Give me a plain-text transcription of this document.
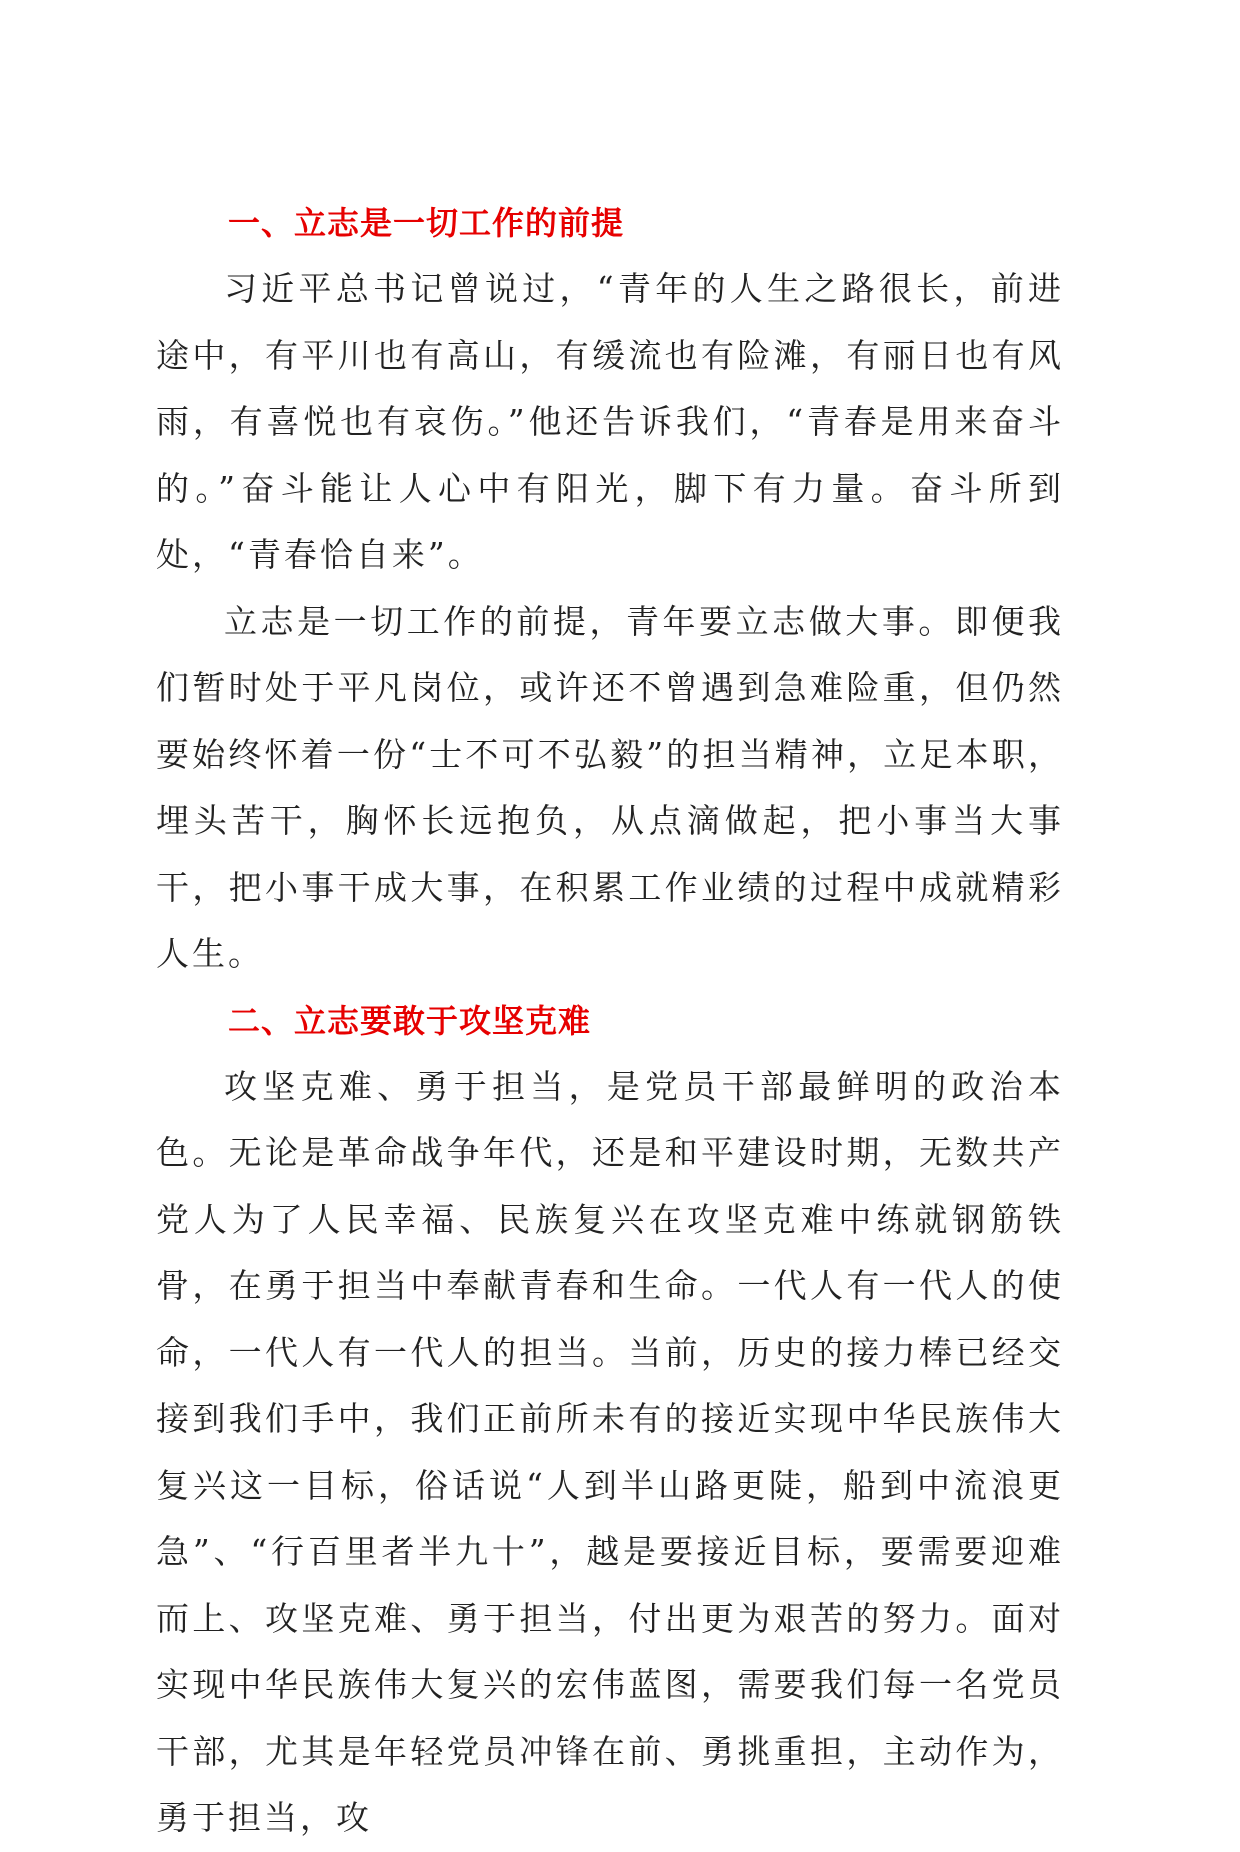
一、立志是一切工作的前提

习近平总书记曾说过，“青年的人生之路很长，前进途中，有平川也有高山，有缓流也有险滩，有丽日也有风雨，有喜悦也有哀伤。”他还告诉我们，“青春是用来奋斗的。”奋斗能让人心中有阳光，脚下有力量。奋斗所到处，“青春恰自来”。

立志是一切工作的前提，青年要立志做大事。即便我们暂时处于平凡岗位，或许还不曾遇到急难险重，但仍然要始终怀着一份“士不可不弘毅”的担当精神，立足本职，埋头苦干，胸怀长远抱负，从点滴做起，把小事当大事干，把小事干成大事，在积累工作业绩的过程中成就精彩人生。

二、立志要敢于攻坚克难

攻坚克难、勇于担当，是党员干部最鲜明的政治本色。无论是革命战争年代，还是和平建设时期，无数共产党人为了人民幸福、民族复兴在攻坚克难中练就钢筋铁骨，在勇于担当中奉献青春和生命。一代人有一代人的使命，一代人有一代人的担当。当前，历史的接力棒已经交接到我们手中，我们正前所未有的接近实现中华民族伟大复兴这一目标，俗话说“人到半山路更陡，船到中流浪更急”、“行百里者半九十”，越是要接近目标，要需要迎难而上、攻坚克难、勇于担当，付出更为艰苦的努力。面对实现中华民族伟大复兴的宏伟蓝图，需要我们每一名党员干部，尤其是年轻党员冲锋在前、勇挑重担，主动作为，勇于担当，攻
